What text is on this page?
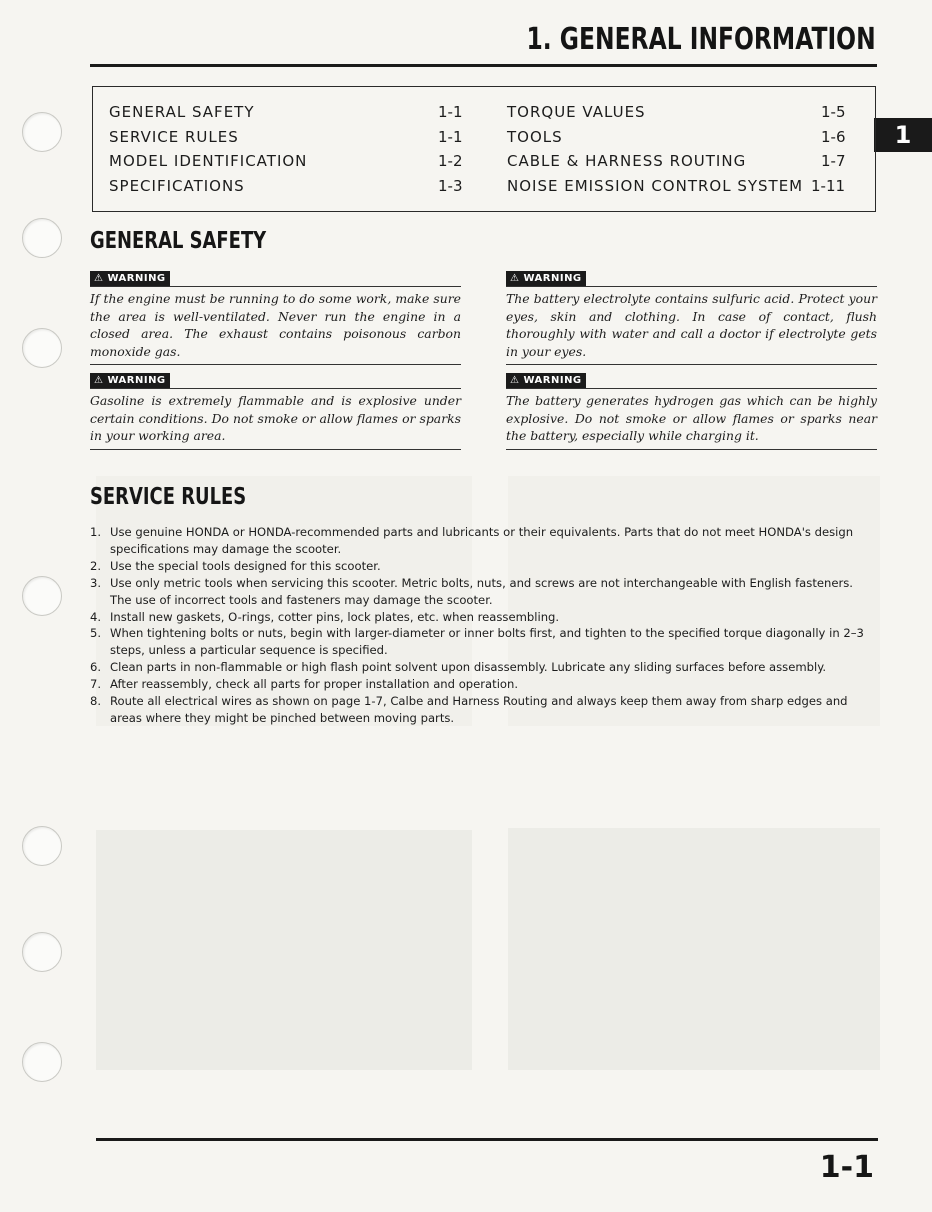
1. GENERAL INFORMATION
1
GENERAL SAFETY	1-1
SERVICE RULES	1-1
MODEL IDENTIFICATION	1-2
SPECIFICATIONS	1-3
TORQUE VALUES	1-5
TOOLS	1-6
CABLE & HARNESS ROUTING	1-7
NOISE EMISSION CONTROL SYSTEM 1-11
GENERAL SAFETY
⚠ WARNING

If the engine must be running to do some work, make sure the area is well-ventilated. Never run the engine in a closed area. The exhaust contains poisonous carbon monoxide gas.

⚠ WARNING

The battery electrolyte contains sulfuric acid. Protect your eyes, skin and clothing. In case of contact, flush thoroughly with water and call a doctor if electrolyte gets in your eyes.

⚠ WARNING

Gasoline is extremely flammable and is explosive under certain conditions. Do not smoke or allow flames or sparks in your working area.

⚠ WARNING

The battery generates hydrogen gas which can be highly explosive. Do not smoke or allow flames or sparks near the battery, especially while charging it.

SERVICE RULES
1. Use genuine HONDA or HONDA-recommended parts and lubricants or their equivalents. Parts that do not meet HONDA's design specifications may damage the scooter.
2. Use the special tools designed for this scooter.
3. Use only metric tools when servicing this scooter. Metric bolts, nuts, and screws are not interchangeable with English fasteners. The use of incorrect tools and fasteners may damage the scooter.
4. Install new gaskets, O-rings, cotter pins, lock plates, etc. when reassembling.
5. When tightening bolts or nuts, begin with larger-diameter or inner bolts first, and tighten to the specified torque diagonally in 2–3 steps, unless a particular sequence is specified.
6. Clean parts in non-flammable or high flash point solvent upon disassembly. Lubricate any sliding surfaces before assembly.
7. After reassembly, check all parts for proper installation and operation.
8. Route all electrical wires as shown on page 1-7, Calbe and Harness Routing and always keep them away from sharp edges and areas where they might be pinched between moving parts.
1-1
